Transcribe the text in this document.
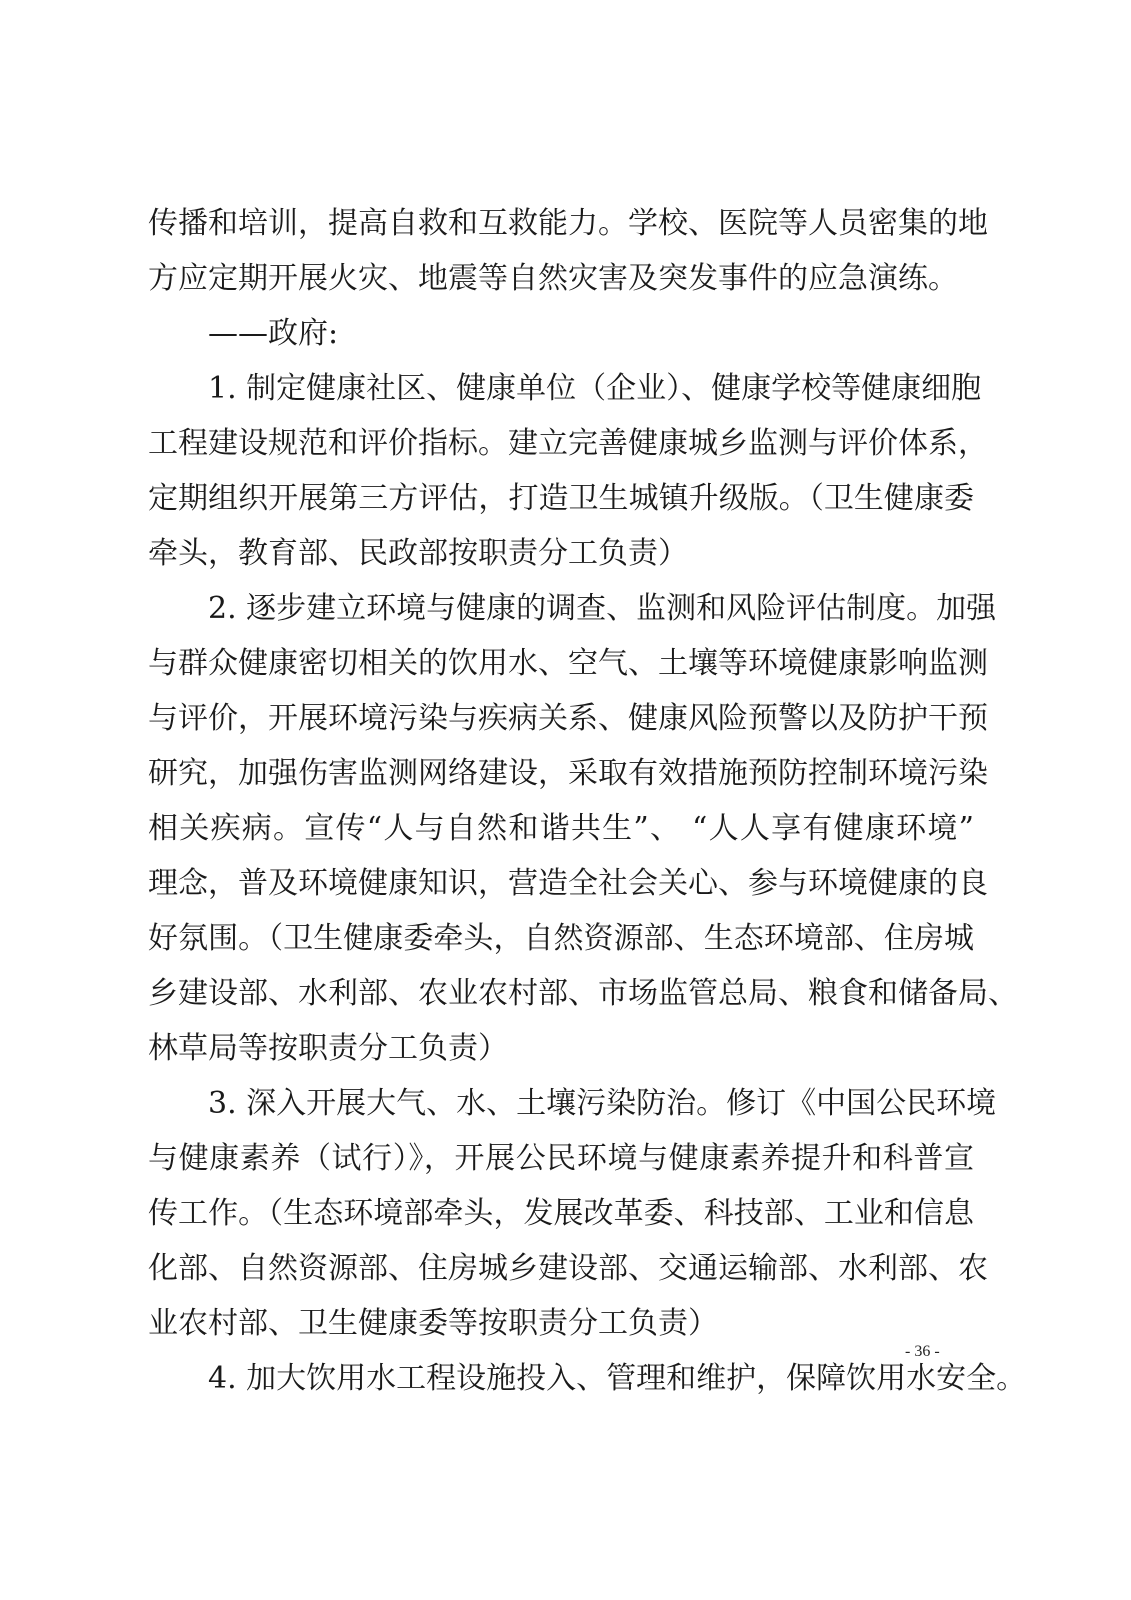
传播和培训，提高自救和互救能力。学校、医院等人员密集的地
方应定期开展火灾、地震等自然灾害及突发事件的应急演练。
——政府:
1. 制定健康社区、健康单位（企业）、健康学校等健康细胞
工程建设规范和评价指标。建立完善健康城乡监测与评价体系，
定期组织开展第三方评估，打造卫生城镇升级版。（卫生健康委
牵头，教育部、民政部按职责分工负责）
2. 逐步建立环境与健康的调查、监测和风险评估制度。加强
与群众健康密切相关的饮用水、空气、土壤等环境健康影响监测
与评价，开展环境污染与疾病关系、健康风险预警以及防护干预
研究，加强伤害监测网络建设，采取有效措施预防控制环境污染
相关疾病。宣传“人与自然和谐共生”、 “人人享有健康环境”
理念，普及环境健康知识，营造全社会关心、参与环境健康的良
好氛围。（卫生健康委牵头，自然资源部、生态环境部、住房城
乡建设部、水利部、农业农村部、市场监管总局、粮食和储备局、
林草局等按职责分工负责）
3. 深入开展大气、水、土壤污染防治。修订《中国公民环境
与健康素养（试行）》，开展公民环境与健康素养提升和科普宣
传工作。（生态环境部牵头，发展改革委、科技部、工业和信息
化部、自然资源部、住房城乡建设部、交通运输部、水利部、农
业农村部、卫生健康委等按职责分工负责）
4. 加大饮用水工程设施投入、管理和维护，保障饮用水安全。
- 36 -
